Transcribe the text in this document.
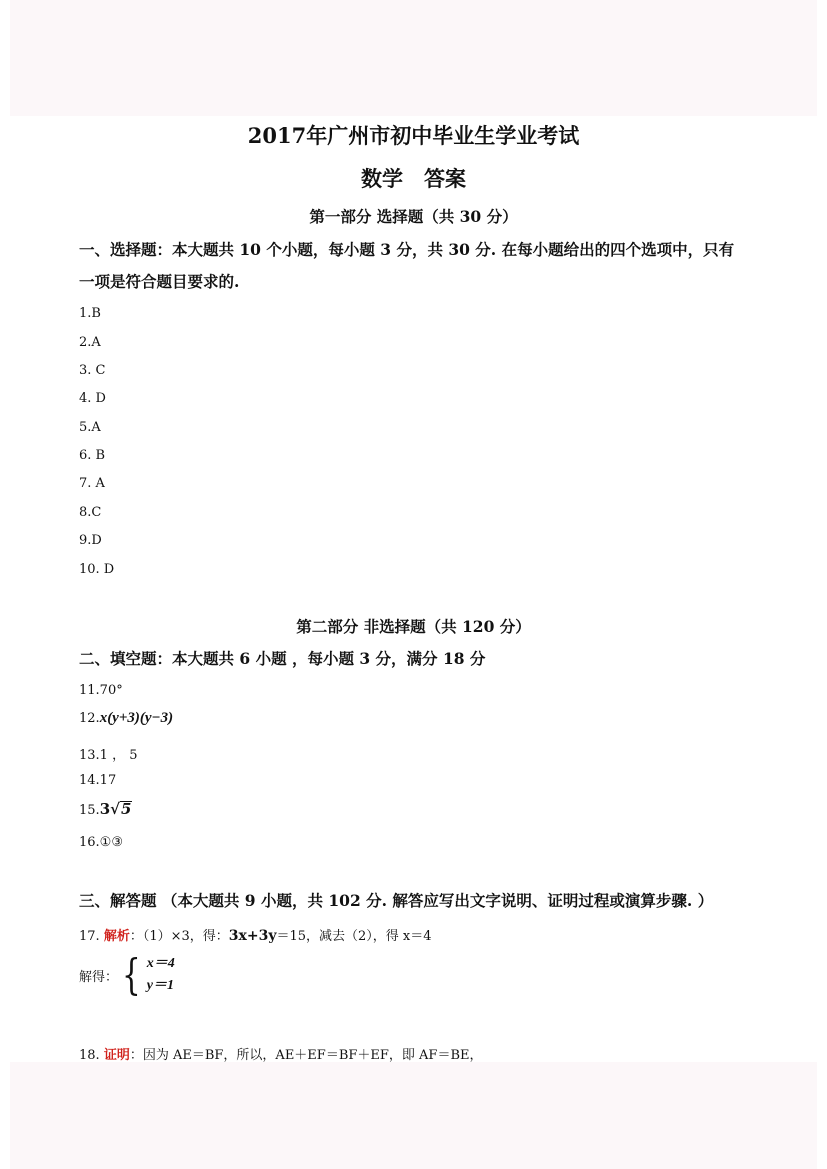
2017年广州市初中毕业生学业考试
数学　答案
第一部分 选择题（共 30 分）
一、选择题：本大题共 10 个小题，每小题 3 分，共 30 分. 在每小题给出的四个选项中，只有
一项是符合题目要求的.
1.B
2.A
3. C
4. D
5.A
6. B
7. A
8.C
9.D
10. D
第二部分 非选择题（共 120 分）
二、填空题：本大题共 6 小题 ，每小题 3 分，满分 18 分
11.70°
12.x(y+3)(y−3)
13.1 ， 5
14.17
15.3√5
16.①③
三、解答题 （本大题共 9 小题，共 102 分. 解答应写出文字说明、证明过程或演算步骤. ）
17. 解析：（1）×3，得：3x+3y＝15，减去（2），得 x＝4
解得： { x＝4
y＝1
18. 证明：因为 AE＝BF，所以，AE＋EF＝BF＋EF，即 AF＝BE，
